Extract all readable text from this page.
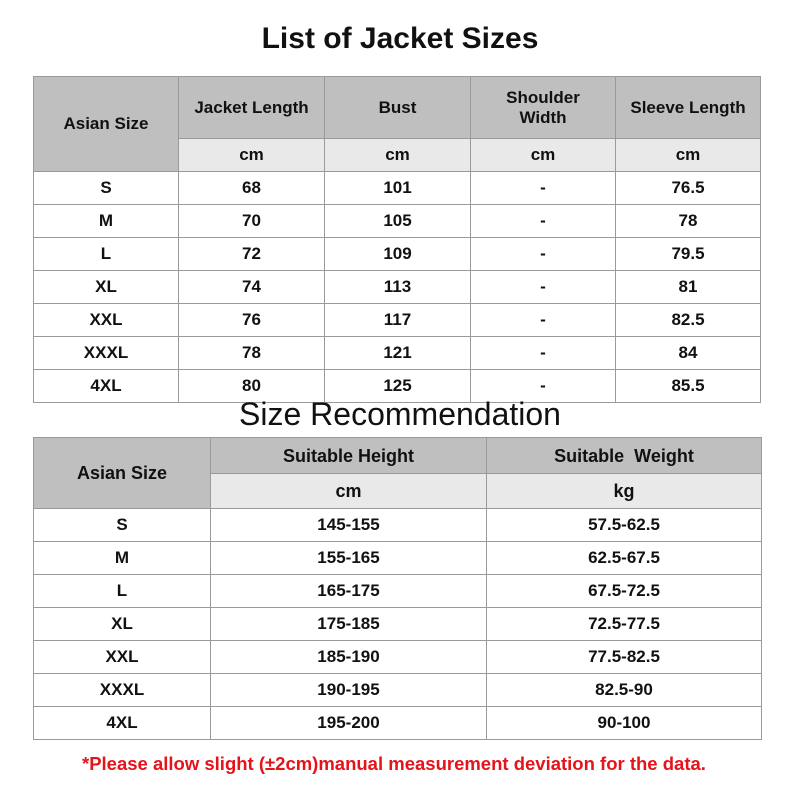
List of Jacket Sizes
Asian Size	Jacket Length	Bust	Shoulder Width	Sleeve Length
	cm	cm	cm	cm
S	68	101	-	76.5
M	70	105	-	78
L	72	109	-	79.5
XL	74	113	-	81
XXL	76	117	-	82.5
XXXL	78	121	-	84
4XL	80	125	-	85.5
Size Recommendation
Asian Size	Suitable Height	Suitable  Weight
	cm	kg
S	145-155	57.5-62.5
M	155-165	62.5-67.5
L	165-175	67.5-72.5
XL	175-185	72.5-77.5
XXL	185-190	77.5-82.5
XXXL	190-195	82.5-90
4XL	195-200	90-100
*Please allow slight (±2cm)manual measurement deviation for the data.
